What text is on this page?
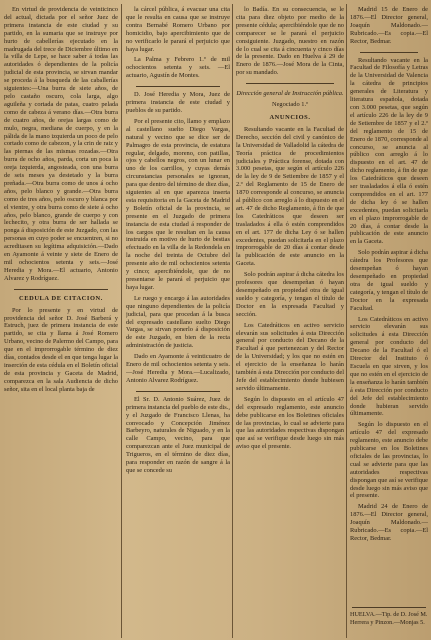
En virtud de providencia de veinticinco del actual, dictada por el señor Juez de primera instancia de este ciudad y su partido, en la sumaria que se instruye por hurto de cabellerías ejecutado en la madrugada del trece de Diciembre último en la villa de Lepe, se hace saber á todas las autoridades ó dependientes de la policía judicial de esta provincia, se sirvan mandar se proceda á la busqueda de las caballerías siguientes:—Una burra de siete años, de pelo castaño oscuro, cola larga, algo aguileña y cortada de patas, cuatro pelada como de cabeza á verano días.—Otra burra de cuatro años, de orejas largas como de mulo, negra, mediana de cuerpo, y en la pálida de la mano izquierda un poco de pelo cortado como de cabezon, y la crin de raiz y las piernas de las mismas rozadas.—Otra burra de ocho años, parda, corta un poca la oreja izquierda, angosteada, con una burra de seis meses ya destetado y la burra preñada.—Otra burra como de unos á ocho años, pelo blanco y grande.—Otra burra como de tres años, pelo oscuro y blanca por el vientre, y otra burra como de siete á ocho años, pelo blanco, grande de cuerpo y con lechecito, y otra burra de ser hallada se ponga á disposición de este Juzgado, con las personas en cuyo poder se encuentren, si no acreditasen su legítima adquisición.—Dado en Ayamonte á veinte y siete de Enero de mil ochocientos setenta y seis.—José Heredia y Mora.—El actuario, Antonio Alvarez y Rodríguez.

CEDULA DE CITACION.

Por lo presente y en virtud de providencia del señor D. José Barberá y Estruch, juez de primera instancia de este partido, se cita y llama á José Romero Urbano, vecino de Palermo del Campo, para que en el improrrogable término de diez días, contados desde el en que tenga lugar la inserción de esta cédula en el Boletín oficial de esta provincia y Gaceta de Madrid, comparezca en la sala Audiencia de dicho señor, sita en el local planta baja de

la cárcel pública, á evacuar una cita que le resulta en causa que se instruye contra Bernabé Romero Urbano por homicidio, bajo apercibimiento que de no verificarlo le parará el perjuicio que haya lugar.

La Palma y Febrero 1.º de mil ochocientos setenta y seis. —El actuario, Agustín de Montes.

D. José Heredia y Mora, Juez de primera instancia de este ciudad y pueblos de su partido.

Por el presente cito, llamo y emplazo al castellano suelto Diego Vargas, natural y vecino que se dice ser de Palmagro de esta provincia, de estatura regular, delgado, moreno, con patillas, ojos y cabellos negros, con un lunar en uno de los carrillos, y cuyas demás circunstancias personales se ignoran, para que dentro del término de diez días, siguientes al en que aparezca inserta esta requisitoria en la Gaceta de Madrid y Boletín oficial de la provincia, se presente en el Juzgado de primera instancia de esta ciudad á responder de los cargos que le resultan en la causa instruida en motivo de hurto de bestias efectuado en la villa de la Redondela en la noche del treinta de Octubre del presente año de mil ochocientos setenta y cinco; apercibiéndole, que de no presentarse le parará el perjuicio que haya lugar.

Le ruego y encargo á las autoridades que ninguno dependientes de la policía judicial, para que procedan á la busca del expresado castellano suelto Diego Vargas, se sirvan ponerlo á disposición de este Juzgado, en bien de la recta administración de justicia.

Dado en Ayamonte á veinticuatro de Enero de mil ochocientos setenta y seis.—José Heredia y Mora.—Lucalizado, Antonio Alvarez Rodríguez.

El Sr. D. Antonio Suárez, Juez de primera instancia del pueblo de este dis., y el Juzgado de Francisco Llenas, ha convocado y Concepción Jiménez Barbeyro, naturales de Niguado, y en la calle Campo, vecino, para que comparezcan ante el Juez municipal de Trigueros, en el término de diez días, para responder en razón de sangre á la que se concede su

lo Badía. En su consecuencia, se le cita para diez objeto por medio de la presente cédula; apercibiéndole que de no comparecer se le parará el perjuicio consiguiente. Juzgado, nuestro en razón de lo cual se cita á cincuenta y cinco días de la presente. Dado en Huelva á 29 de Enero de 1876.—José Mora de la Cinta, por su mandado.

Dirección general de Instrucción pública.

Negociado 1.º

ANUNCIOS.

Resultando vacante en la Facultad de Derecho, sección del civil y canónico de la Universidad de Valladolid la cátedra de Teoría práctica de procedimientos judiciales y Práctica forense, dotada con 3.000 pesetas, que según el artículo 226 de la ley de 9 de Setiembre de 1857 y el 2.º del Reglamento de 15 de Enero de 1870 corresponde al concurso, se anuncia al público con arreglo á lo dispuesto en el art. 47 de dicho Reglamento, á fin de que los Catedráticos que deseen ser trasladados á ella ó estén comprendidos en el art. 177 de dicha Ley ó se hallen excedentes, puedan solicitarla en el plazo improrrogable de 20 días á contar desde la publicación de este anuncio en la Gaceta.

Solo podrán aspirar á dicha cátedra los profesores que desempeñan ó hayan desempeñado en propiedad otra de igual sueldo y categoría, y tengan el título de Doctor en la expresada Facultad y sección.

Los Catedráticos en activo servicio elevarán sus solicitudes á esta Dirección general por conducto del Decano de la Facultad á que pertenezcan y del Rector de la Universidad; y los que no estén en el ejercicio de la enseñanza lo harán también á esta Dirección por conducto del Jefe del establecimiento donde hubiesen servido últimamente.

Según lo dispuesto en el artículo 47 del expresado reglamento, este anuncio debe publicarse en los Boletines oficiales de las provincias, lo cual se advierte para que las autoridades respectivas dispongan que así se verifique desde luego sin más aviso que el presente.

Madrid 15 de Enero de 1876.—El Director general, Joaquín Maldonado.—Rubricado.—Es copia.—El Rector, Bedmar.

Resultando vacante en la Facultad de Filosofía y Letras de la Universidad de Valencia la cátedra de principios generales de Literatura y literatura española, dotada con 3.000 pesetas, que según el artículo 226 de la ley de 9 de Setiembre de 1857 y el 2.º del reglamento de 15 de Enero de 1870, corresponde al concurso, se anuncia al público con arreglo á lo dispuesto en el art. 47 de dicho reglamento, á fin de que los Catedráticos que deseen ser trasladados á ella ó estén comprendidos en el art. 177 de dicha ley ó se hallen excedentes, puedan solicitarla en el plazo improrrogable de 20 días, á contar desde la publicación de este anuncio en la Gaceta.

Solo podrán aspirar á dicha cátedra los Profesores que desempeñan ó hayan desempeñado en propiedad otra de igual sueldo y categoría, y tengan el título de Doctor en la expresada Facultad.

Los Catedráticos en activo servicio elevarán sus solicitudes á esta Dirección general por conducto del Decano de la Facultad ó el Director del Instituto ó Escuela en que sirven, y los que no estén en el ejercicio de la enseñanza lo harán también á esta Dirección por conducto del Jefe del establecimiento donde hubieran servido últimamente.

Según lo dispuesto en el artículo 47 del expresado reglamento, este anuncio debe publicarse en los Boletines oficiales de las provincias, lo cual se advierte para que las autoridades respectivas dispongan que así se verifique desde luego sin más aviso que el presente.

Madrid 24 de Enero de 1876.—El Director general, Joaquín Maldonado.—Rubricado.—Es copia.—El Rector, Bedmar.

HUELVA.—Tip. de D. José M. Herrera y Pinzon.—Monjas 5.
